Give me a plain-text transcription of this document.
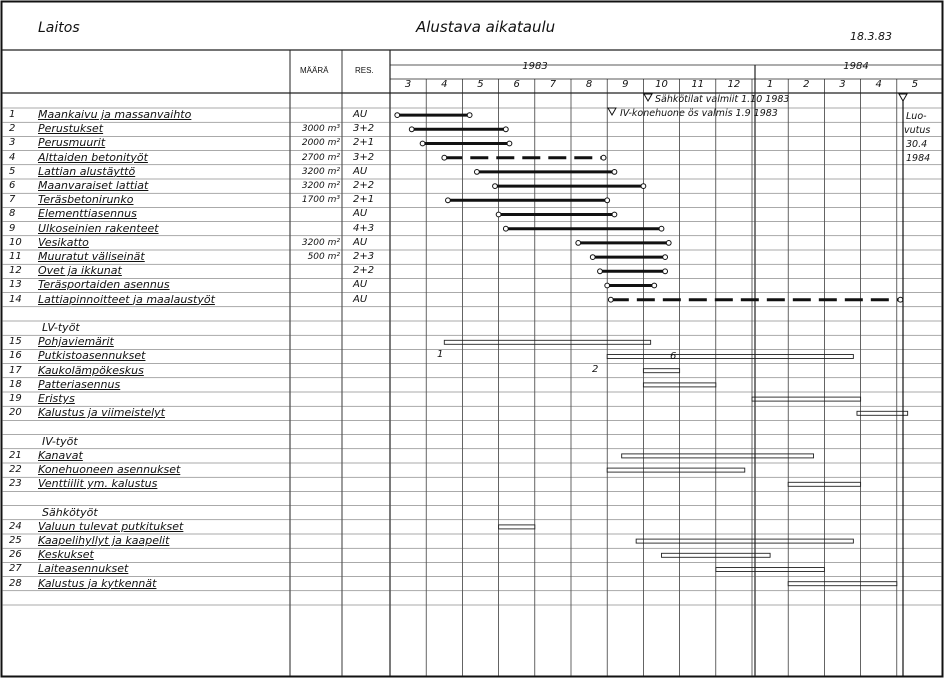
Laitos	Alustava aikataulu
18.3.83
MÄÄRÄ	RES.	1983	1984
3	4	5	6	7	8	9	10	11	12	1	2	3	4	5
1 Maankaivu ja massanvaihto	AU
2 Perustukset	3000 m³ 3+2
3 Perusmuurit	2000 m² 2+1
4 Alttaiden betonityöt	2700 m² 3+2
5 Lattian alustäyttö	3200 m² AU
6 Maanvaraiset lattiat	3200 m² 2+2
7 Teräsbetonirunko	1700 m³ 2+1
8 Elementtiasennus	AU
9 Ulkoseinien rakenteet	4+3
10 Vesikatto	3200 m² AU
11 Muuratut väliseinät	500 m² 2+3
12 Ovet ja ikkunat	2+2
13 Teräsportaiden asennus	AU
14 Lattiapinnoitteet ja maalaustyöt	AU
LV-työt
15 Pohjaviemärit
16 Putkistoasennukset
17 Kaukolämpökeskus
18 Patteriasennus
19 Eristys
20 Kalustus ja viimeistelyt
IV-työt
21 Kanavat
22 Konehuoneen asennukset
23 Venttiilit ym. kalustus
Sähkötyöt
24 Valuun tulevat putkitukset
25 Kaapelihyllyt ja kaapelit
26 Keskukset
27 Laiteasennukset
28 Kalustus ja kytkennät
Sähkötilat valmiit 1.10 1983
IV-konehuone ös valmis 1.9 1983	Luo-
vutus
30.4
1984
1	6
2
